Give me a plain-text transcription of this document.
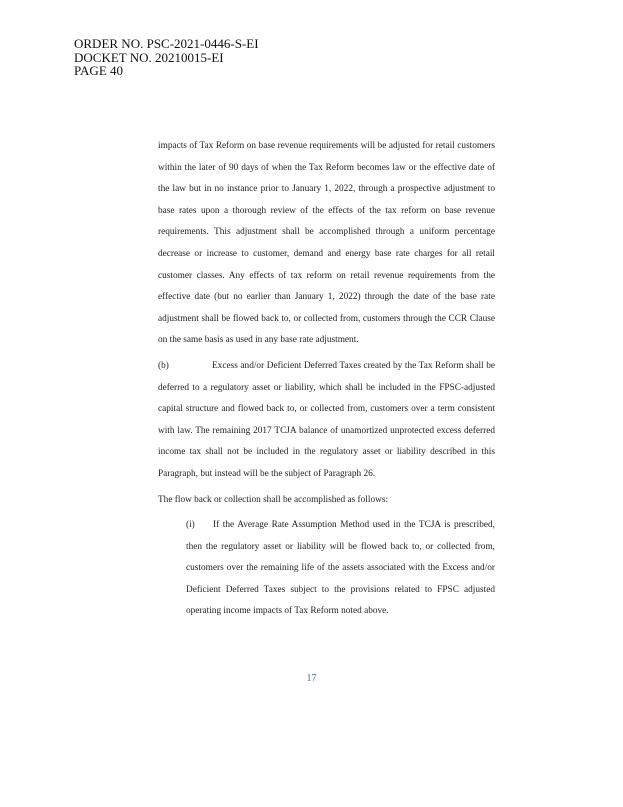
ORDER NO. PSC-2021-0446-S-EI
DOCKET NO. 20210015-EI
PAGE 40

impacts of Tax Reform on base revenue requirements will be adjusted for retail customers within the later of 90 days of when the Tax Reform becomes law or the effective date of the law but in no instance prior to January 1, 2022, through a prospective adjustment to base rates upon a thorough review of the effects of the tax reform on base revenue requirements. This adjustment shall be accomplished through a uniform percentage decrease or increase to customer, demand and energy base rate charges for all retail customer classes. Any effects of tax reform on retail revenue requirements from the effective date (but no earlier than January 1, 2022) through the date of the base rate adjustment shall be flowed back to, or collected from, customers through the CCR Clause on the same basis as used in any base rate adjustment.

(b)	Excess and/or Deficient Deferred Taxes created by the Tax Reform shall be deferred to a regulatory asset or liability, which shall be included in the FPSC-adjusted capital structure and flowed back to, or collected from, customers over a term consistent with law. The remaining 2017 TCJA balance of unamortized unprotected excess deferred income tax shall not be included in the regulatory asset or liability described in this Paragraph, but instead will be the subject of Paragraph 26.

The flow back or collection shall be accomplished as follows:

(i) If the Average Rate Assumption Method used in the TCJA is prescribed, then the regulatory asset or liability will be flowed back to, or collected from, customers over the remaining life of the assets associated with the Excess and/or Deficient Deferred Taxes subject to the provisions related to FPSC adjusted operating income impacts of Tax Reform noted above.

17
